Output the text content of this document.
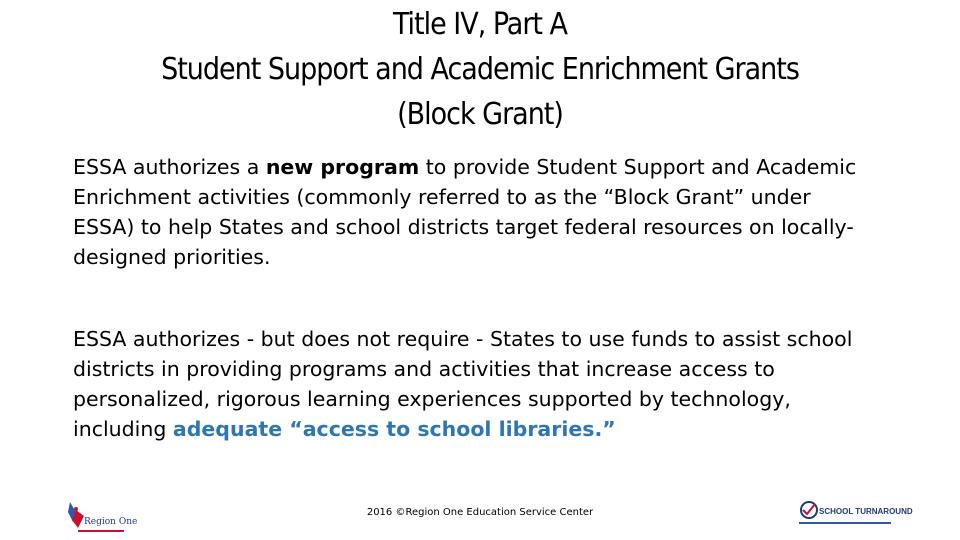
Title IV, Part A
Student Support and Academic Enrichment Grants
(Block Grant)
ESSA authorizes a new program to provide Student Support and Academic Enrichment activities (commonly referred to as the “Block Grant” under ESSA) to help States and school districts target federal resources on locally-designed priorities.
ESSA authorizes - but does not require - States to use funds to assist school districts in providing programs and activities that increase access to personalized, rigorous learning experiences supported by technology, including adequate “access to school libraries.”
Region One
2016 ©Region One Education Service Center	SCHOOL TURNAROUND
